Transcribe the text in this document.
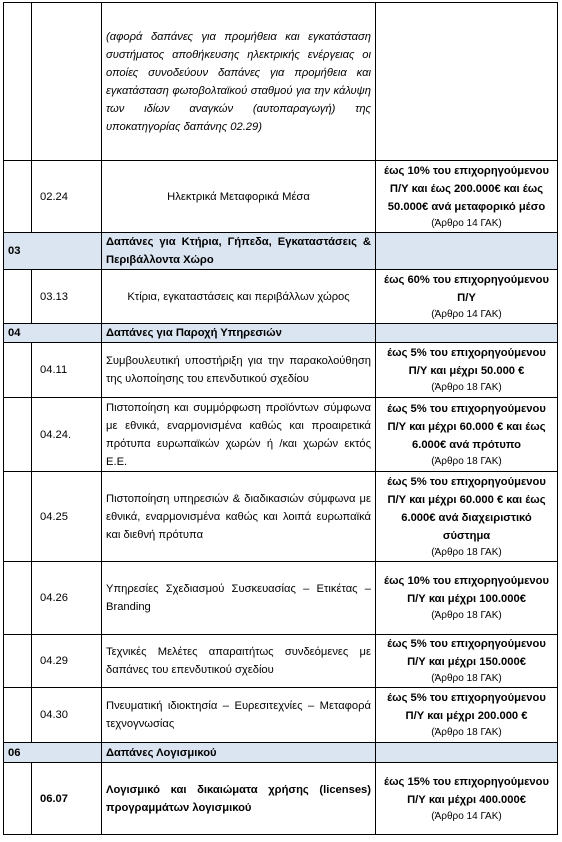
		(αφορά δαπάνες για προμήθεια και εγκατάσταση συστήματος αποθήκευσης ηλεκτρικής ενέργειας οι οποίες συνοδεύουν δαπάνες για προμήθεια και εγκατάσταση φωτοβολταϊκού σταθμού για την κάλυψη των ιδίων αναγκών (αυτοπαραγωγή) της υποκατηγορίας δαπάνης 02.29)	
	02.24	Ηλεκτρικά Μεταφορικά Μέσα	έως 10% του επιχορηγούμενου Π/Υ και έως 200.000€ και έως 50.000€ ανά μεταφορικό μέσο
(Άρθρο 14 ΓΑΚ)

03		Δαπάνες για Κτήρια, Γήπεδα, Εγκαταστάσεις & Περιβάλλοντα Χώρο	
	03.13	Κτίρια, εγκαταστάσεις και περιβάλλων χώρος	έως 60% του επιχορηγούμενου Π/Υ
(Άρθρο 14 ΓΑΚ)

04		Δαπάνες για Παροχή Υπηρεσιών	
	04.11	Συμβουλευτική υποστήριξη για την παρακολούθηση της υλοποίησης του επενδυτικού σχεδίου	έως 5% του επιχορηγούμενου Π/Υ και μέχρι 50.000 €
(Άρθρο 18 ΓΑΚ)

	04.24.	Πιστοποίηση και συμμόρφωση προϊόντων σύμφωνα με εθνικά, εναρμονισμένα καθώς και προαιρετικά πρότυπα ευρωπαϊκών χωρών ή /και χωρών εκτός Ε.Ε.	έως 5% του επιχορηγούμενου Π/Υ και μέχρι 60.000 € και έως 6.000€ ανά πρότυπο
(Άρθρο 18 ΓΑΚ)

	04.25	Πιστοποίηση υπηρεσιών & διαδικασιών σύμφωνα με εθνικά, εναρμονισμένα καθώς και λοιπά ευρωπαϊκά και διεθνή πρότυπα	έως 5% του επιχορηγούμενου Π/Υ και μέχρι 60.000 € και έως 6.000€ ανά διαχειριστικό σύστημα
(Άρθρο 18 ΓΑΚ)

	04.26	Υπηρεσίες Σχεδιασμού Συσκευασίας – Ετικέτας – Branding	έως 10% του επιχορηγούμενου Π/Υ και μέχρι 100.000€
(Άρθρο 18 ΓΑΚ)

	04.29	Τεχνικές Μελέτες απαραιτήτως συνδεόμενες με δαπάνες του επενδυτικού σχεδίου	έως 5% του επιχορηγούμενου Π/Υ και μέχρι 150.000€
(Άρθρο 18 ΓΑΚ)

	04.30	Πνευματική ιδιοκτησία – Ευρεσιτεχνίες – Μεταφορά τεχνογνωσίας	έως 5% του επιχορηγούμενου Π/Υ και μέχρι 200.000 €
(Άρθρο 18 ΓΑΚ)

06		Δαπάνες Λογισμικού	
	06.07	Λογισμικό και δικαιώματα χρήσης (licenses) προγραμμάτων λογισμικού	έως 15% του επιχορηγούμενου Π/Υ και μέχρι 400.000€
(Άρθρο 14 ΓΑΚ)
